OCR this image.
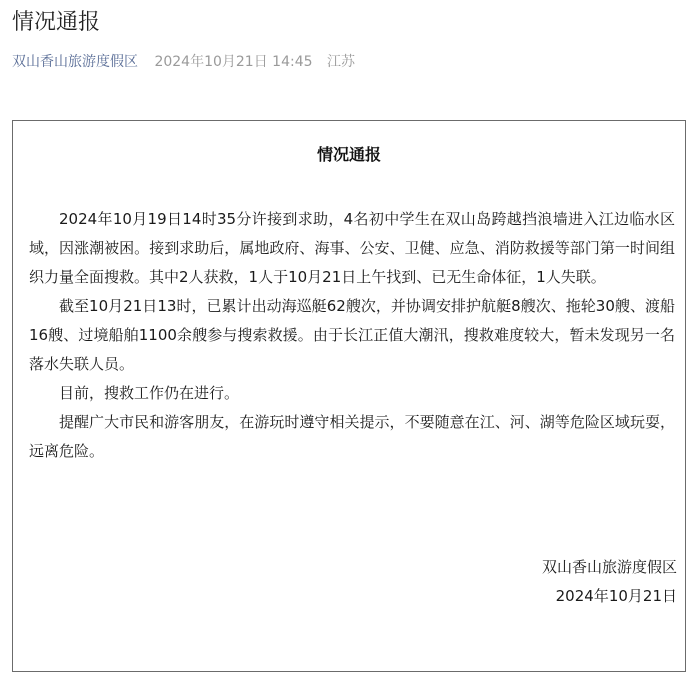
情况通报
双山香山旅游度假区 2024年10月21日 14:45 江苏
情况通报

2024年10月19日14时35分许接到求助，4名初中学生在双山岛跨越挡浪墙进入江边临水区域，因涨潮被困。接到求助后，属地政府、海事、公安、卫健、应急、消防救援等部门第一时间组织力量全面搜救。其中2人获救，1人于10月21日上午找到、已无生命体征，1人失联。

截至10月21日13时，已累计出动海巡艇62艘次，并协调安排护航艇8艘次、拖轮30艘、渡船16艘、过境船舶1100余艘参与搜索救援。由于长江正值大潮汛，搜救难度较大，暂未发现另一名落水失联人员。

目前，搜救工作仍在进行。

提醒广大市民和游客朋友，在游玩时遵守相关提示，不要随意在江、河、湖等危险区域玩耍，远离危险。

双山香山旅游度假区
2024年10月21日
